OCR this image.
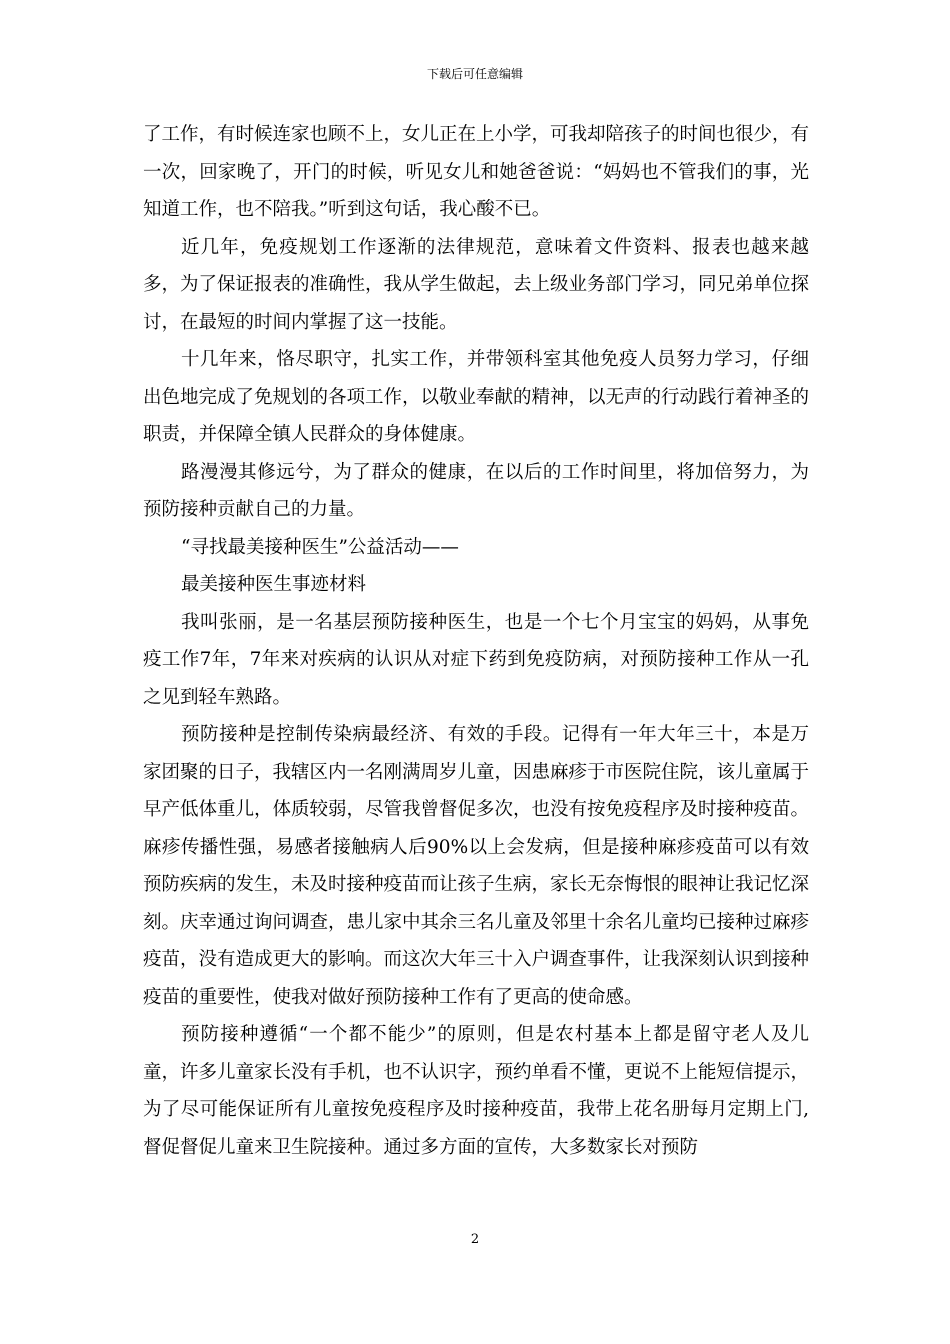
下载后可任意编辑

了工作，有时候连家也顾不上，女儿正在上小学，可我却陪孩子的时间也很少，有一次，回家晚了，开门的时候，听见女儿和她爸爸说：“妈妈也不管我们的事，光知道工作，也不陪我。”听到这句话，我心酸不已。

近几年，免疫规划工作逐渐的法律规范，意味着文件资料、报表也越来越多，为了保证报表的准确性，我从学生做起，去上级业务部门学习，同兄弟单位探讨，在最短的时间内掌握了这一技能。

十几年来，恪尽职守，扎实工作，并带领科室其他免疫人员努力学习，仔细出色地完成了免规划的各项工作，以敬业奉献的精神，以无声的行动践行着神圣的职责，并保障全镇人民群众的身体健康。

路漫漫其修远兮，为了群众的健康，在以后的工作时间里，将加倍努力，为预防接种贡献自己的力量。

“寻找最美接种医生”公益活动——

最美接种医生事迹材料

我叫张丽，是一名基层预防接种医生，也是一个七个月宝宝的妈妈，从事免疫工作7年，7年来对疾病的认识从对症下药到免疫防病，对预防接种工作从一孔之见到轻车熟路。

预防接种是控制传染病最经济、有效的手段。记得有一年大年三十，本是万家团聚的日子，我辖区内一名刚满周岁儿童，因患麻疹于市医院住院，该儿童属于早产低体重儿，体质较弱，尽管我曾督促多次，也没有按免疫程序及时接种疫苗。麻疹传播性强，易感者接触病人后90%以上会发病，但是接种麻疹疫苗可以有效预防疾病的发生，未及时接种疫苗而让孩子生病，家长无奈悔恨的眼神让我记忆深刻。庆幸通过询问调查，患儿家中其余三名儿童及邻里十余名儿童均已接种过麻疹疫苗，没有造成更大的影响。而这次大年三十入户调查事件，让我深刻认识到接种疫苗的重要性，使我对做好预防接种工作有了更高的使命感。

预防接种遵循“一个都不能少”的原则，但是农村基本上都是留守老人及儿童，许多儿童家长没有手机，也不认识字，预约单看不懂，更说不上能短信提示，为了尽可能保证所有儿童按免疫程序及时接种疫苗，我带上花名册每月定期上门,督促督促儿童来卫生院接种。通过多方面的宣传，大多数家长对预防

2
